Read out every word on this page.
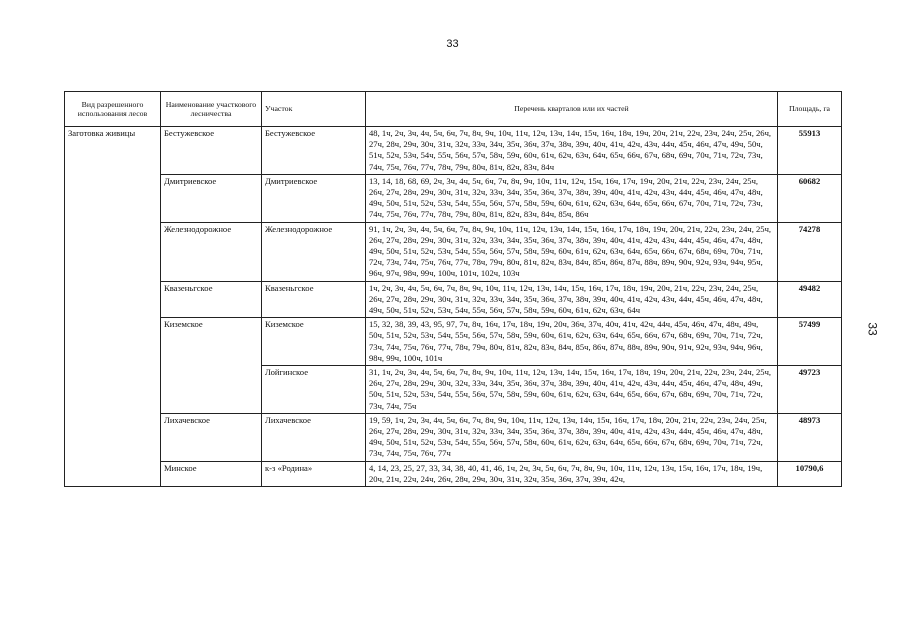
33
33
Вид разрешенного использования лесов	Наименование участкового лесничества	Участок	Перечень кварталов или их частей	Площадь, га
Заготовка живицы	Бестужевское	Бестужевское	48, 1ч, 2ч, 3ч, 4ч, 5ч, 6ч, 7ч, 8ч, 9ч, 10ч, 11ч, 12ч, 13ч, 14ч, 15ч, 16ч, 18ч, 19ч, 20ч, 21ч, 22ч, 23ч, 24ч, 25ч, 26ч, 27ч, 28ч, 29ч, 30ч, 31ч, 32ч, 33ч, 34ч, 35ч, 36ч, 37ч, 38ч, 39ч, 40ч, 41ч, 42ч, 43ч, 44ч, 45ч, 46ч, 47ч, 49ч, 50ч, 51ч, 52ч, 53ч, 54ч, 55ч, 56ч, 57ч, 58ч, 59ч, 60ч, 61ч, 62ч, 63ч, 64ч, 65ч, 66ч, 67ч, 68ч, 69ч, 70ч, 71ч, 72ч, 73ч, 74ч, 75ч, 76ч, 77ч, 78ч, 79ч, 80ч, 81ч, 82ч, 83ч, 84ч	55913
	Дмитриевское	Дмитриевское	13, 14, 18, 68, 69, 2ч, 3ч, 4ч, 5ч, 6ч, 7ч, 8ч, 9ч, 10ч, 11ч, 12ч, 15ч, 16ч, 17ч, 19ч, 20ч, 21ч, 22ч, 23ч, 24ч, 25ч, 26ч, 27ч, 28ч, 29ч, 30ч, 31ч, 32ч, 33ч, 34ч, 35ч, 36ч, 37ч, 38ч, 39ч, 40ч, 41ч, 42ч, 43ч, 44ч, 45ч, 46ч, 47ч, 48ч, 49ч, 50ч, 51ч, 52ч, 53ч, 54ч, 55ч, 56ч, 57ч, 58ч, 59ч, 60ч, 61ч, 62ч, 63ч, 64ч, 65ч, 66ч, 67ч, 70ч, 71ч, 72ч, 73ч, 74ч, 75ч, 76ч, 77ч, 78ч, 79ч, 80ч, 81ч, 82ч, 83ч, 84ч, 85ч, 86ч	60682
	Железнодорожное	Железнодорожное	91, 1ч, 2ч, 3ч, 4ч, 5ч, 6ч, 7ч, 8ч, 9ч, 10ч, 11ч, 12ч, 13ч, 14ч, 15ч, 16ч, 17ч, 18ч, 19ч, 20ч, 21ч, 22ч, 23ч, 24ч, 25ч, 26ч, 27ч, 28ч, 29ч, 30ч, 31ч, 32ч, 33ч, 34ч, 35ч, 36ч, 37ч, 38ч, 39ч, 40ч, 41ч, 42ч, 43ч, 44ч, 45ч, 46ч, 47ч, 48ч, 49ч, 50ч, 51ч, 52ч, 53ч, 54ч, 55ч, 56ч, 57ч, 58ч, 59ч, 60ч, 61ч, 62ч, 63ч, 64ч, 65ч, 66ч, 67ч, 68ч, 69ч, 70ч, 71ч, 72ч, 73ч, 74ч, 75ч, 76ч, 77ч, 78ч, 79ч, 80ч, 81ч, 82ч, 83ч, 84ч, 85ч, 86ч, 87ч, 88ч, 89ч, 90ч, 92ч, 93ч, 94ч, 95ч, 96ч, 97ч, 98ч, 99ч, 100ч, 101ч, 102ч, 103ч	74278
	Квазеньгское	Квазеньгское	1ч, 2ч, 3ч, 4ч, 5ч, 6ч, 7ч, 8ч, 9ч, 10ч, 11ч, 12ч, 13ч, 14ч, 15ч, 16ч, 17ч, 18ч, 19ч, 20ч, 21ч, 22ч, 23ч, 24ч, 25ч, 26ч, 27ч, 28ч, 29ч, 30ч, 31ч, 32ч, 33ч, 34ч, 35ч, 36ч, 37ч, 38ч, 39ч, 40ч, 41ч, 42ч, 43ч, 44ч, 45ч, 46ч, 47ч, 48ч, 49ч, 50ч, 51ч, 52ч, 53ч, 54ч, 55ч, 56ч, 57ч, 58ч, 59ч, 60ч, 61ч, 62ч, 63ч, 64ч	49482
	Киземское	Киземское	15, 32, 38, 39, 43, 95, 97, 7ч, 8ч, 16ч, 17ч, 18ч, 19ч, 20ч, 36ч, 37ч, 40ч, 41ч, 42ч, 44ч, 45ч, 46ч, 47ч, 48ч, 49ч, 50ч, 51ч, 52ч, 53ч, 54ч, 55ч, 56ч, 57ч, 58ч, 59ч, 60ч, 61ч, 62ч, 63ч, 64ч, 65ч, 66ч, 67ч, 68ч, 69ч, 70ч, 71ч, 72ч, 73ч, 74ч, 75ч, 76ч, 77ч, 78ч, 79ч, 80ч, 81ч, 82ч, 83ч, 84ч, 85ч, 86ч, 87ч, 88ч, 89ч, 90ч, 91ч, 92ч, 93ч, 94ч, 96ч, 98ч, 99ч, 100ч, 101ч	57499
		Лойгинское	31, 1ч, 2ч, 3ч, 4ч, 5ч, 6ч, 7ч, 8ч, 9ч, 10ч, 11ч, 12ч, 13ч, 14ч, 15ч, 16ч, 17ч, 18ч, 19ч, 20ч, 21ч, 22ч, 23ч, 24ч, 25ч, 26ч, 27ч, 28ч, 29ч, 30ч, 32ч, 33ч, 34ч, 35ч, 36ч, 37ч, 38ч, 39ч, 40ч, 41ч, 42ч, 43ч, 44ч, 45ч, 46ч, 47ч, 48ч, 49ч, 50ч, 51ч, 52ч, 53ч, 54ч, 55ч, 56ч, 57ч, 58ч, 59ч, 60ч, 61ч, 62ч, 63ч, 64ч, 65ч, 66ч, 67ч, 68ч, 69ч, 70ч, 71ч, 72ч, 73ч, 74ч, 75ч	49723
	Лихачевское	Лихачевское	19, 59, 1ч, 2ч, 3ч, 4ч, 5ч, 6ч, 7ч, 8ч, 9ч, 10ч, 11ч, 12ч, 13ч, 14ч, 15ч, 16ч, 17ч, 18ч, 20ч, 21ч, 22ч, 23ч, 24ч, 25ч, 26ч, 27ч, 28ч, 29ч, 30ч, 31ч, 32ч, 33ч, 34ч, 35ч, 36ч, 37ч, 38ч, 39ч, 40ч, 41ч, 42ч, 43ч, 44ч, 45ч, 46ч, 47ч, 48ч, 49ч, 50ч, 51ч, 52ч, 53ч, 54ч, 55ч, 56ч, 57ч, 58ч, 60ч, 61ч, 62ч, 63ч, 64ч, 65ч, 66ч, 67ч, 68ч, 69ч, 70ч, 71ч, 72ч, 73ч, 74ч, 75ч, 76ч, 77ч	48973
	Минское	к-з «Родина»	4, 14, 23, 25, 27, 33, 34, 38, 40, 41, 46, 1ч, 2ч, 3ч, 5ч, 6ч, 7ч, 8ч, 9ч, 10ч, 11ч, 12ч, 13ч, 15ч, 16ч, 17ч, 18ч, 19ч, 20ч, 21ч, 22ч, 24ч, 26ч, 28ч, 29ч, 30ч, 31ч, 32ч, 35ч, 36ч, 37ч, 39ч, 42ч,	10790,6
